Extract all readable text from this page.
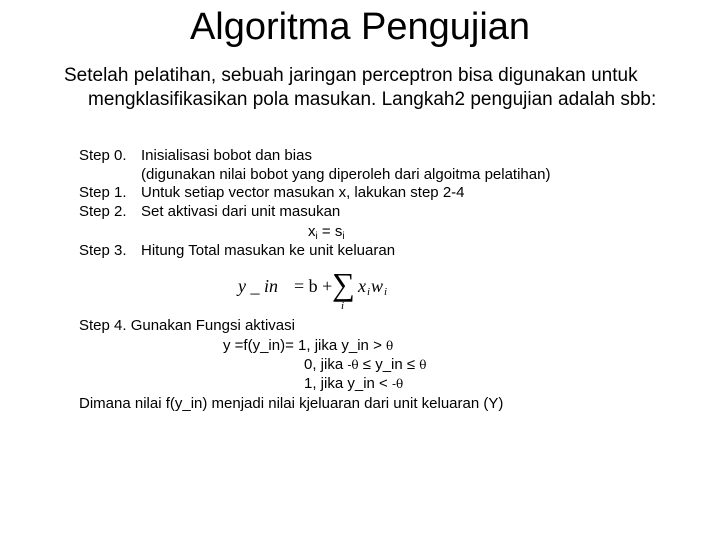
Algoritma Pengujian
Setelah pelatihan, sebuah jaringan perceptron bisa digunakan untuk
mengklasifikasikan pola masukan. Langkah2 pengujian adalah sbb:
Step 0. Inisialisasi bobot dan bias
(digunakan nilai bobot yang diperoleh dari algoitma pelatihan)
Step 1. Untuk setiap vector masukan x, lakukan step 2-4
Step 2. Set aktivasi dari unit masukan
$x_i = s_i$
Step 3. Hitung Total masukan ke unit keluaran
y _ in = b + ∑
i
x i w i
Step 4. Gunakan Fungsi aktivasi
y =f(y_in)= 1, jika y_in > θ
0, jika -θ ≤ y_in ≤ θ
1, jika y_in < -θ
Dimana nilai f(y_in) menjadi nilai kjeluaran dari unit keluaran (Y)
